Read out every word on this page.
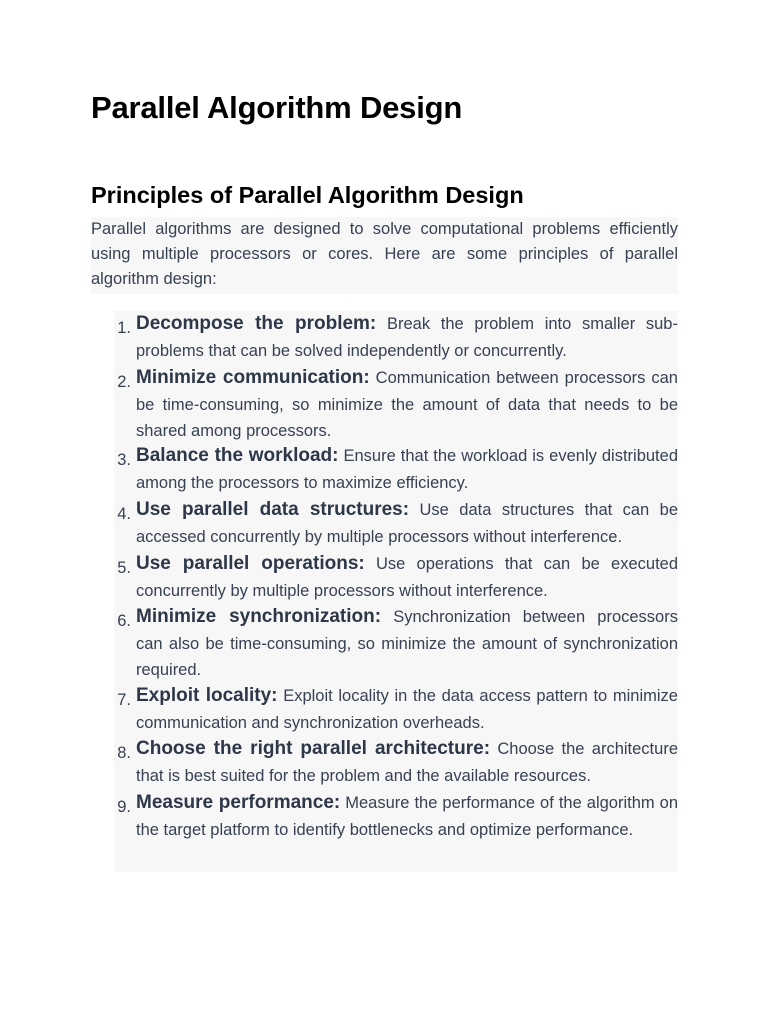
Parallel Algorithm Design
Principles of Parallel Algorithm Design

Parallel algorithms are designed to solve computational problems efficiently using multiple processors or cores. Here are some principles of parallel algorithm design:

1. Decompose the problem: Break the problem into smaller sub-problems that can be solved independently or concurrently.
2. Minimize communication: Communication between processors can be time-consuming, so minimize the amount of data that needs to be shared among processors.
3. Balance the workload: Ensure that the workload is evenly distributed among the processors to maximize efficiency.
4. Use parallel data structures: Use data structures that can be accessed concurrently by multiple processors without interference.
5. Use parallel operations: Use operations that can be executed concurrently by multiple processors without interference.
6. Minimize synchronization: Synchronization between processors can also be time-consuming, so minimize the amount of synchronization required.
7. Exploit locality: Exploit locality in the data access pattern to minimize communication and synchronization overheads.
8. Choose the right parallel architecture: Choose the architecture that is best suited for the problem and the available resources.
9. Measure performance: Measure the performance of the algorithm on the target platform to identify bottlenecks and optimize performance.
